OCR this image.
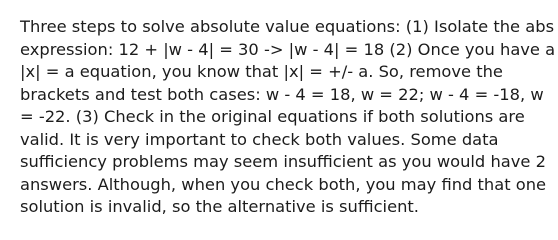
Three steps to solve absolute value equations: (1) Isolate the abs
expression: 12 + |w - 4| = 30 -> |w - 4| = 18 (2) Once you have a
|x| = a equation, you know that |x| = +/- a. So, remove the
brackets and test both cases: w - 4 = 18, w = 22; w - 4 = -18, w
= -22. (3) Check in the original equations if both solutions are
valid. It is very important to check both values. Some data
sufficiency problems may seem insufficient as you would have 2
answers. Although, when you check both, you may find that one
solution is invalid, so the alternative is sufficient.
